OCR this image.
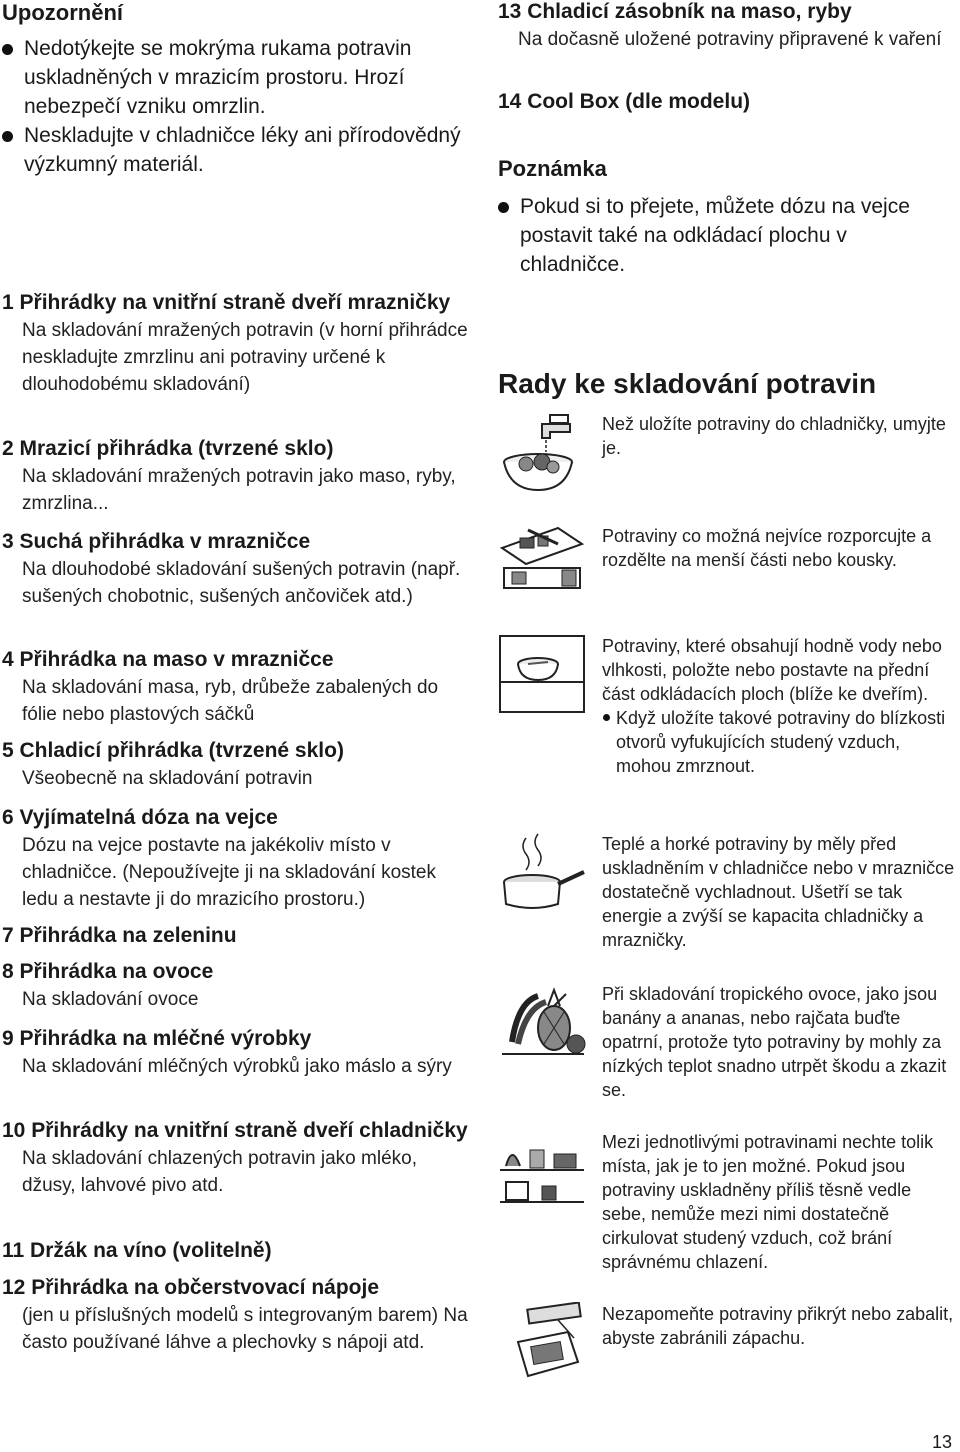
Upozornění
Nedotýkejte se mokrýma rukama potravin uskladněných v mrazicím prostoru. Hrozí nebezpečí vzniku omrzlin.
Neskladujte v chladničce léky ani přírodovědný výzkumný materiál.
1 Přihrádky na vnitřní straně dveří mrazničky
Na skladování mražených potravin (v horní přihrádce neskladujte zmrzlinu ani potraviny určené k dlouhodobému skladování)
2 Mrazicí přihrádka (tvrzené sklo)
Na skladování mražených potravin jako maso, ryby, zmrzlina...
3 Suchá přihrádka v mrazničce
Na dlouhodobé skladování sušených potravin (např. sušených chobotnic, sušených ančoviček atd.)
4 Přihrádka na maso v mrazničce
Na skladování masa, ryb, drůbeže zabalených do fólie nebo plastových sáčků
5 Chladicí přihrádka (tvrzené sklo)
Všeobecně na skladování potravin
6 Vyjímatelná dóza na vejce
Dózu na vejce postavte na jakékoliv místo v chladničce. (Nepoužívejte ji na skladování kostek ledu a nestavte ji do mrazicího prostoru.)
7 Přihrádka na zeleninu
8 Přihrádka na ovoce
Na skladování ovoce
9 Přihrádka na mléčné výrobky
Na skladování mléčných výrobků jako máslo a sýry
10 Přihrádky na vnitřní straně dveří chladničky
Na skladování chlazených potravin jako mléko, džusy, lahvové pivo atd.
11 Držák na víno (volitelně)
12 Přihrádka na občerstvovací nápoje
(jen u příslušných modelů s integrovaným barem) Na často používané láhve a plechovky s nápoji atd.
13 Chladicí zásobník na maso, ryby
Na dočasně uložené potraviny připravené k vaření
14 Cool Box (dle modelu)
Poznámka
Pokud si to přejete, můžete dózu na vejce postavit také na odkládací plochu v chladničce.
Rady ke skladování potravin
Než uložíte potraviny do chladničky, umyjte je.
Potraviny co možná nejvíce rozporcujte a rozdělte na menší části nebo kousky.
Potraviny, které obsahují hodně vody nebo vlhkosti, položte nebo postavte na přední část odkládacích ploch (blíže ke dveřím).
Když uložíte takové potraviny do blízkosti otvorů vyfukujících studený vzduch, mohou zmrznout.
Teplé a horké potraviny by měly před uskladněním v chladničce nebo v mrazničce dostatečně vychladnout. Ušetří se tak energie a zvýší se kapacita chladničky a mrazničky.
Při skladování tropického ovoce, jako jsou banány a ananas, nebo rajčata buďte opatrní, protože tyto potraviny by mohly za nízkých teplot snadno utrpět škodu a zkazit se.
Mezi jednotlivými potravinami nechte tolik místa, jak je to jen možné. Pokud jsou potraviny uskladněny příliš těsně vedle sebe, nemůže mezi nimi dostatečně cirkulovat studený vzduch, což brání správnému chlazení.
Nezapomeňte potraviny přikrýt nebo zabalit, abyste zabránili zápachu.
13
